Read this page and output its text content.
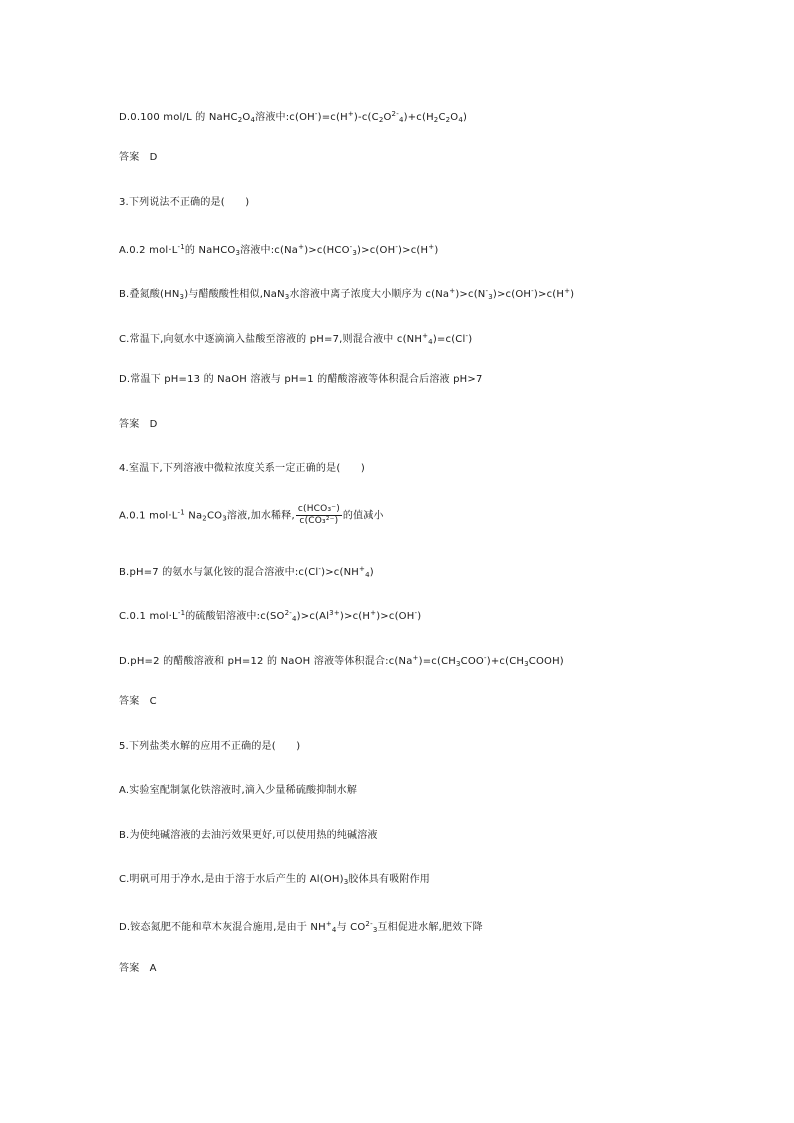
D.0.100 mol/L 的 $NaHC_2O_4$溶液中$:c(OH^-)=c(H^+)-c(C_2O^{2-}_4)+c(H_2C_2O_4)$
答案　D
3.下列说法不正确的是(　　)
A.0.2 $mol\cdot L^{-1}$的 NaHCO$_3$溶液中$:c(Na^+)>c(HCO^-_3)>c(OH^-)>c(H^+)$
B.叠氮酸$(HN_3)$与醋酸酸性相似,NaN$_3$水溶液中离子浓度大小顺序为 $c(Na^+)>c(N^-_3)>c(OH^-)>c(H^+)$
C.常温下,向氨水中逐滴滴入盐酸至溶液的 pH=7,则混合液中 $c(NH^+_4)=c(Cl^-)$
D.常温下 pH=13 的 NaOH 溶液与 pH=1 的醋酸溶液等体积混合后溶液 pH>7
答案　D
4.室温下,下列溶液中微粒浓度关系一定正确的是(　　)
A.0.1 $mol\cdot L^{-1}$ $Na_2CO_3$溶液,加水稀释, $\frac{\text{c(HCO₃⁻)}}{\text{c(CO₃²⁻)}}$ 的值减小
B.pH=7 的氨水与氯化铵的混合溶液中$:c(Cl^-)>c(NH^+_4)$
C.0.1 $mol\cdot L^{-1}$的硫酸铝溶液中$:c(SO^{2-}_4)>c(Al^{3+})>c(H^+)>c(OH^-)$
D.pH=2 的醋酸溶液和 pH=12 的 NaOH 溶液等体积混合$:c(Na^+)=c(CH_3COO^-)+c(CH_3COOH)$
答案　C
5.下列盐类水解的应用不正确的是(　　)
A.实验室配制氯化铁溶液时,滴入少量稀硫酸抑制水解
B.为使纯碱溶液的去油污效果更好,可以使用热的纯碱溶液
C.明矾可用于净水,是由于溶于水后产生的 $Al(OH)_3$胶体具有吸附作用
D.铵态氮肥不能和草木灰混合施用,是由于 $NH^+_4$与 $CO^{2-}_3$互相促进水解,肥效下降
答案　A
